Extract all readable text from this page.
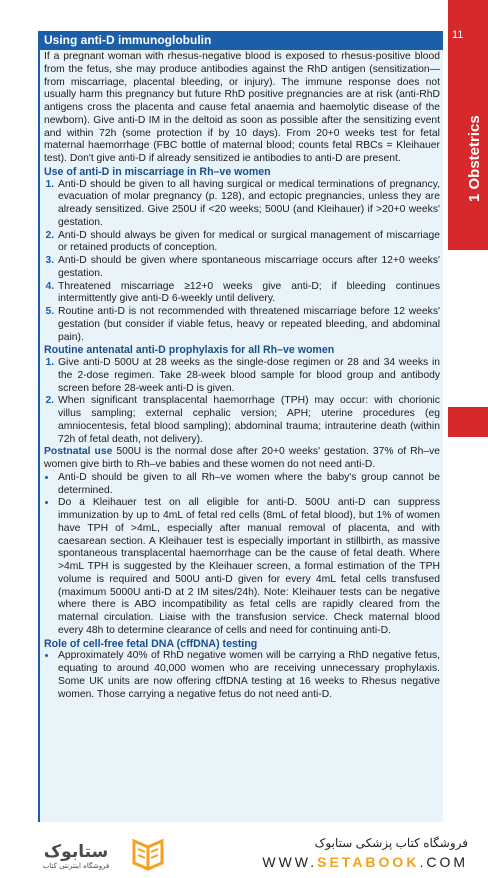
11
1 Obstetrics
Using anti-D immunoglobulin

If a pregnant woman with rhesus-negative blood is exposed to rhesus-positive blood from the fetus, she may produce antibodies against the RhD antigen (sensitization—from miscarriage, placental bleeding, or injury). The immune response does not usually harm this pregnancy but future RhD positive pregnancies are at risk (anti-RhD antigens cross the placenta and cause fetal anaemia and haemolytic disease of the newborn). Give anti-D IM in the deltoid as soon as possible after the sensitizing event and within 72h (some protection if by 10 days). From 20+0 weeks test for fetal maternal haemorrhage (FBC bottle of maternal blood; counts fetal RBCs = Kleihauer test). Don't give anti-D if already sensitized ie antibodies to anti-D are present.

Use of anti-D in miscarriage in Rh–ve women

1. Anti-D should be given to all having surgical or medical terminations of pregnancy, evacuation of molar pregnancy (p. 128), and ectopic pregnancies, unless they are already sensitized. Give 250U if <20 weeks; 500U (and Kleihauer) if >20+0 weeks' gestation.
2. Anti-D should always be given for medical or surgical management of miscarriage or retained products of conception.
3. Anti-D should be given where spontaneous miscarriage occurs after 12+0 weeks' gestation.
4. Threatened miscarriage ≥12+0 weeks give anti-D; if bleeding continues intermittently give anti-D 6-weekly until delivery.
5. Routine anti-D is not recommended with threatened miscarriage before 12 weeks' gestation (but consider if viable fetus, heavy or repeated bleeding, and abdominal pain).

Routine antenatal anti-D prophylaxis for all Rh–ve women

1. Give anti-D 500U at 28 weeks as the single-dose regimen or 28 and 34 weeks in the 2-dose regimen. Take 28-week blood sample for blood group and antibody screen before 28-week anti-D is given.
2. When significant transplacental haemorrhage (TPH) may occur: with chorionic villus sampling; external cephalic version; APH; uterine procedures (eg amniocentesis, fetal blood sampling); abdominal trauma; intrauterine death (within 72h of fetal death, not delivery).

Postnatal use 500U is the normal dose after 20+0 weeks' gestation. 37% of Rh–ve women give birth to Rh–ve babies and these women do not need anti-D.

• Anti-D should be given to all Rh–ve women where the baby's group cannot be determined.
• Do a Kleihauer test on all eligible for anti-D. 500U anti-D can suppress immunization by up to 4mL of fetal red cells (8mL of fetal blood), but 1% of women have TPH of >4mL, especially after manual removal of placenta, and with caesarean section. A Kleihauer test is especially important in stillbirth, as massive spontaneous transplacental haemorrhage can be the cause of fetal death. Where >4mL TPH is suggested by the Kleihauer screen, a formal estimation of the TPH volume is required and 500U anti-D given for every 4mL fetal cells transfused (maximum 5000U anti-D at 2 IM sites/24h). Note: Kleihauer tests can be negative where there is ABO incompatibility as fetal cells are rapidly cleared from the maternal circulation. Liaise with the transfusion service. Check maternal blood every 48h to determine clearance of cells and need for continuing anti-D.

Role of cell-free fetal DNA (cffDNA) testing

• Approximately 40% of RhD negative women will be carrying a RhD negative fetus, equating to around 40,000 women who are receiving unnecessary prophylaxis. Some UK units are now offering cffDNA testing at 16 weeks to Rhesus negative women. Those carrying a negative fetus do not need anti-D.
ستابوک
فروشگاه اینترنتی کتاب
فروشگاه کتاب پزشکی ستابوک
WWW.SETABOOK.COM
